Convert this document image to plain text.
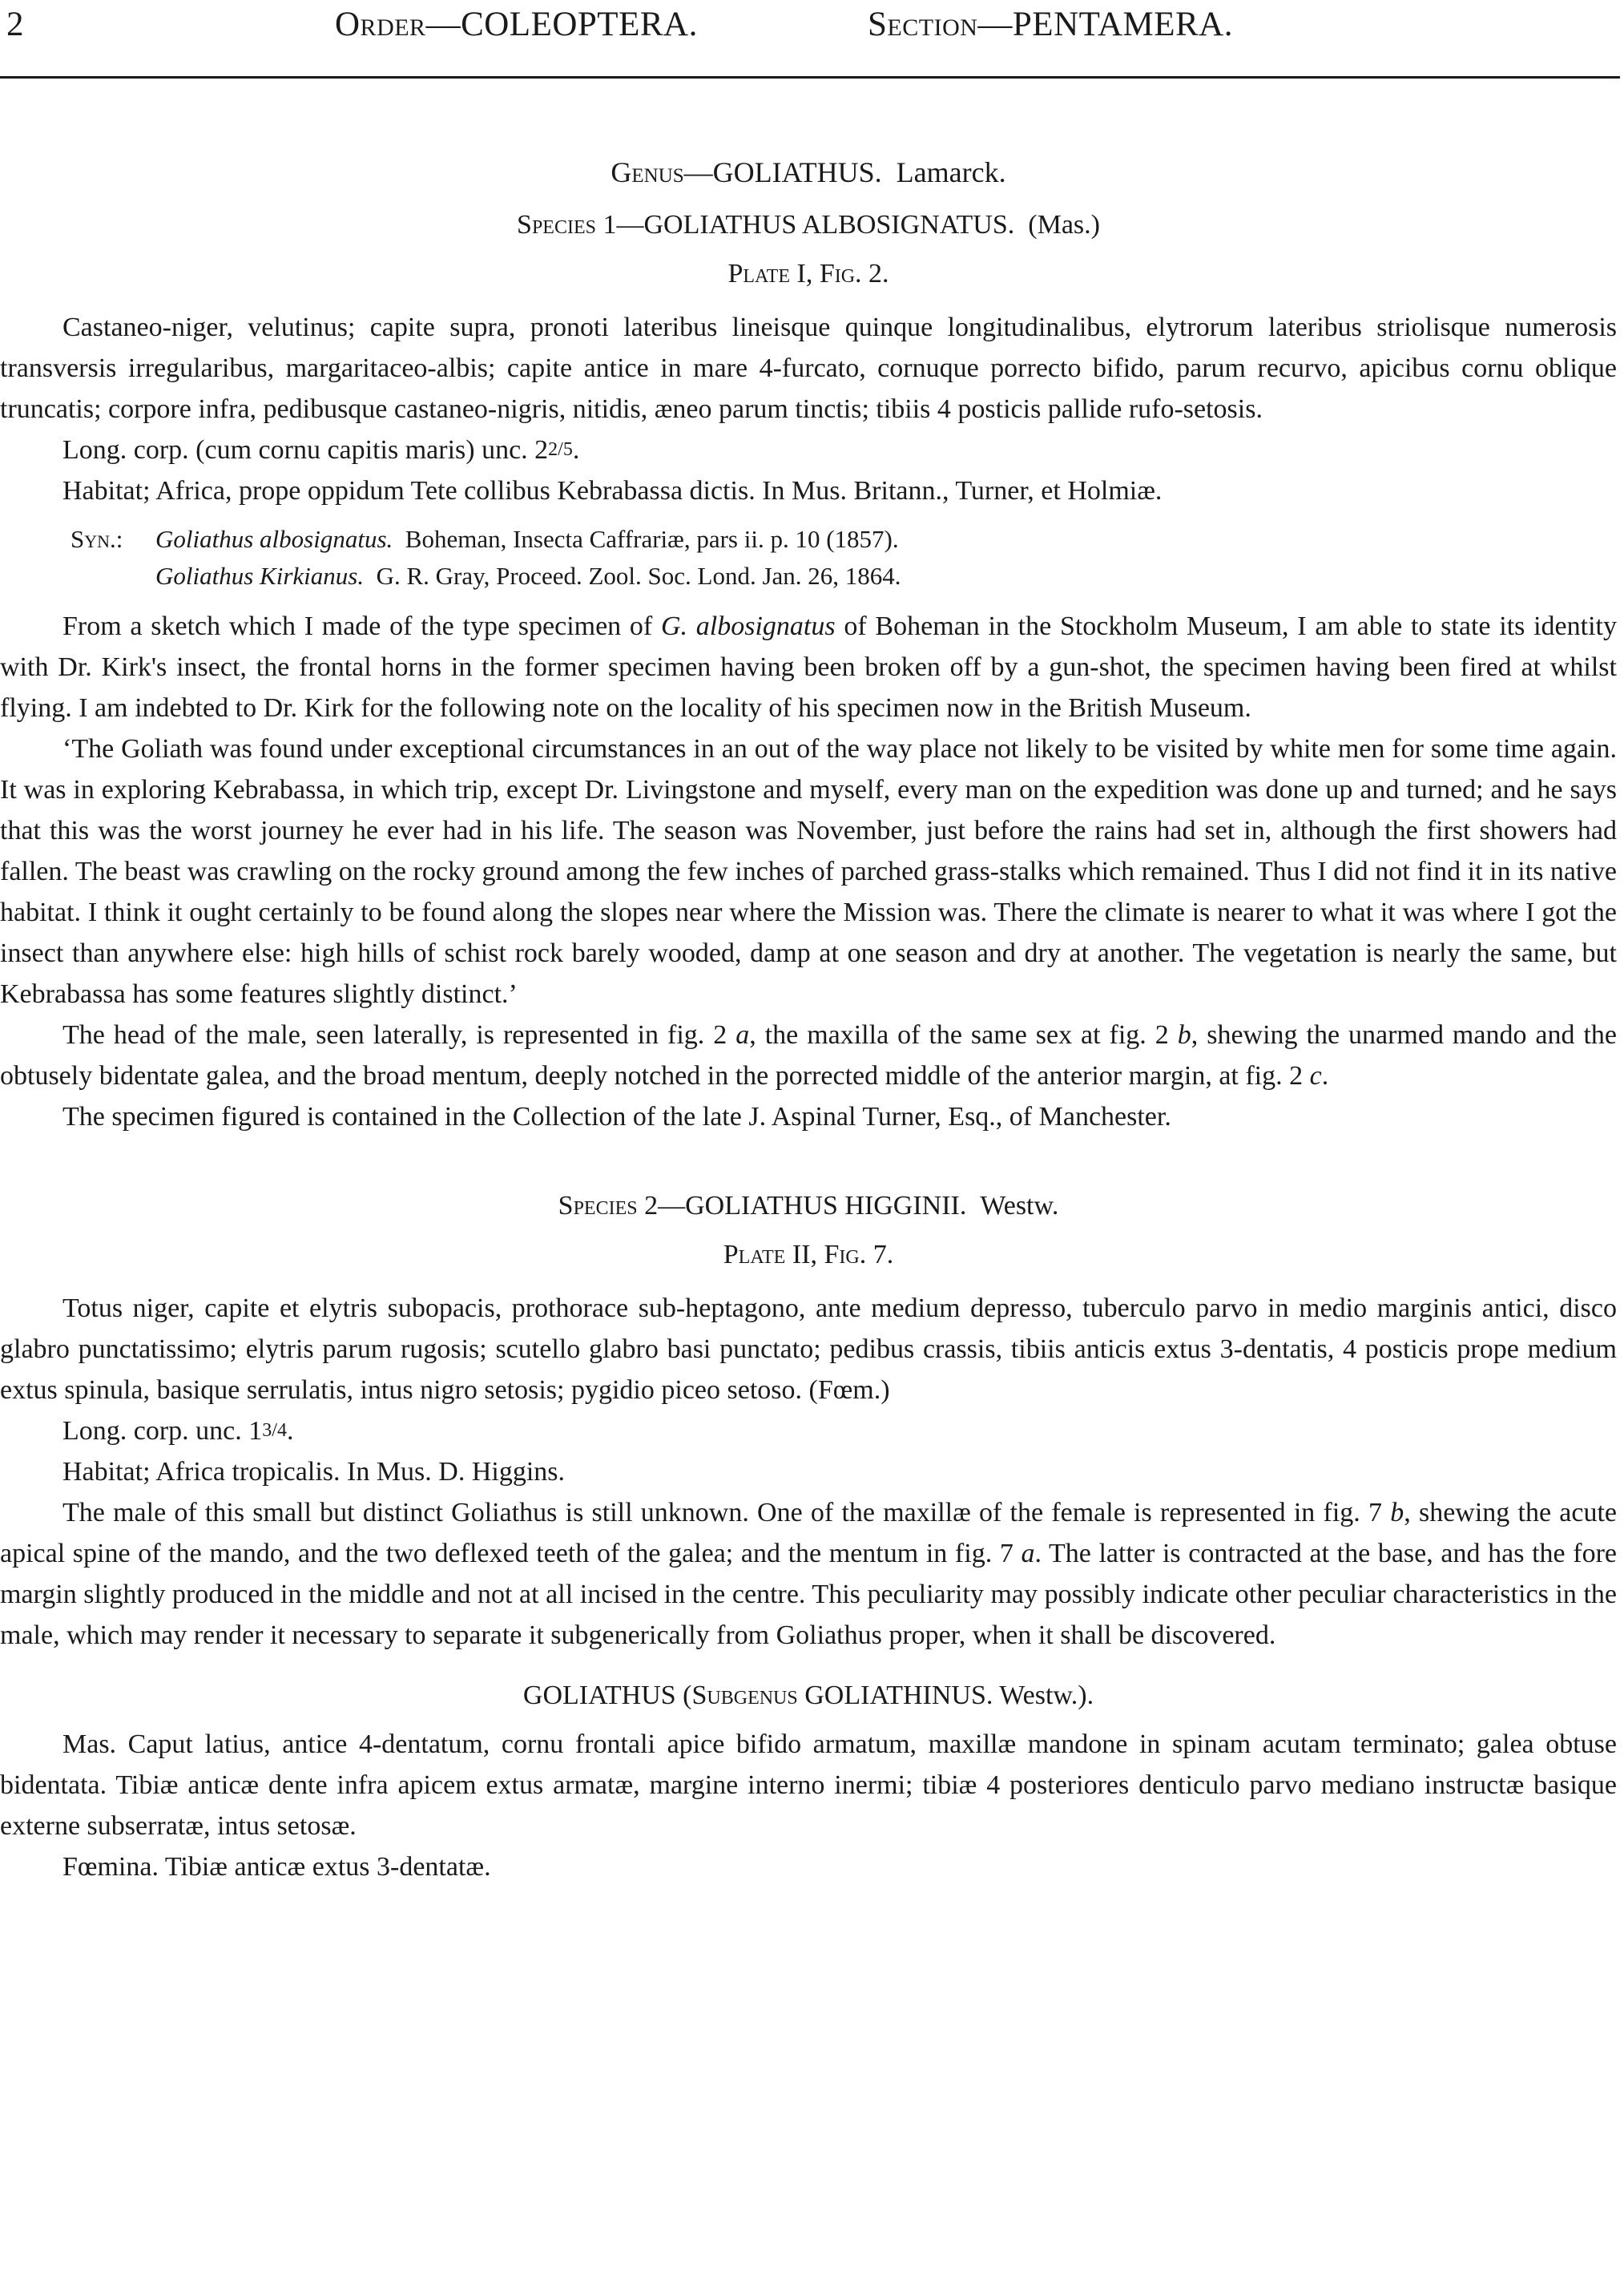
2	Order—COLEOPTERA.	Section—PENTAMERA.
Genus—GOLIATHUS. Lamarck.
Species 1—GOLIATHUS ALBOSIGNATUS. (Mas.)
Plate I, Fig. 2.

Castaneo-niger, velutinus; capite supra, pronoti lateribus lineisque quinque longitudinalibus, elytrorum lateribus striolisque numerosis transversis irregularibus, margaritaceo-albis; capite antice in mare 4-furcato, cornuque porrecto bifido, parum recurvo, apicibus cornu oblique truncatis; corpore infra, pedibusque castaneo-nigris, nitidis, æneo parum tinctis; tibiis 4 posticis pallide rufo-setosis.

Long. corp. (cum cornu capitis maris) unc. 22/5.

Habitat; Africa, prope oppidum Tete collibus Kebrabassa dictis. In Mus. Britann., Turner, et Holmiæ.

Syn.:	Goliathus albosignatus.
Boheman, Insecta Caffrariæ, pars ii. p. 10 (1857).
Goliathus Kirkianus.
G. R. Gray, Proceed. Zool. Soc. Lond. Jan. 26, 1864.

From a sketch which I made of the type specimen of G. albosignatus of Boheman in the Stockholm Museum, I am able to state its identity with Dr. Kirk's insect, the frontal horns in the former specimen having been broken off by a gun-shot, the specimen having been fired at whilst flying. I am indebted to Dr. Kirk for the following note on the locality of his specimen now in the British Museum.

‘The Goliath was found under exceptional circumstances in an out of the way place not likely to be visited by white men for some time again. It was in exploring Kebrabassa, in which trip, except Dr. Livingstone and myself, every man on the expedition was done up and turned; and he says that this was the worst journey he ever had in his life. The season was November, just before the rains had set in, although the first showers had fallen. The beast was crawling on the rocky ground among the few inches of parched grass-stalks which remained. Thus I did not find it in its native habitat. I think it ought certainly to be found along the slopes near where the Mission was. There the climate is nearer to what it was where I got the insect than anywhere else: high hills of schist rock barely wooded, damp at one season and dry at another. The vegetation is nearly the same, but Kebrabassa has some features slightly distinct.’

The head of the male, seen laterally, is represented in fig. 2 a, the maxilla of the same sex at fig. 2 b, shewing the unarmed mando and the obtusely bidentate galea, and the broad mentum, deeply notched in the porrected middle of the anterior margin, at fig. 2 c.

The specimen figured is contained in the Collection of the late J. Aspinal Turner, Esq., of Manchester.

Species 2—GOLIATHUS HIGGINII. Westw.
Plate II, Fig. 7.

Totus niger, capite et elytris subopacis, prothorace sub-heptagono, ante medium depresso, tuberculo parvo in medio marginis antici, disco glabro punctatissimo; elytris parum rugosis; scutello glabro basi punctato; pedibus crassis, tibiis anticis extus 3-dentatis, 4 posticis prope medium extus spinula, basique serrulatis, intus nigro setosis; pygidio piceo setoso. (Fœm.)

Long. corp. unc. 13/4.

Habitat; Africa tropicalis. In Mus. D. Higgins.

The male of this small but distinct Goliathus is still unknown. One of the maxillæ of the female is represented in fig. 7 b, shewing the acute apical spine of the mando, and the two deflexed teeth of the galea; and the mentum in fig. 7 a. The latter is contracted at the base, and has the fore margin slightly produced in the middle and not at all incised in the centre. This peculiarity may possibly indicate other peculiar characteristics in the male, which may render it necessary to separate it subgenerically from Goliathus proper, when it shall be discovered.

GOLIATHUS (Subgenus GOLIATHINUS. Westw.).

Mas. Caput latius, antice 4-dentatum, cornu frontali apice bifido armatum, maxillæ mandone in spinam acutam terminato; galea obtuse bidentata. Tibiæ anticæ dente infra apicem extus armatæ, margine interno inermi; tibiæ 4 posteriores denticulo parvo mediano instructæ basique externe subserratæ, intus setosæ.

Fœmina. Tibiæ anticæ extus 3-dentatæ.
